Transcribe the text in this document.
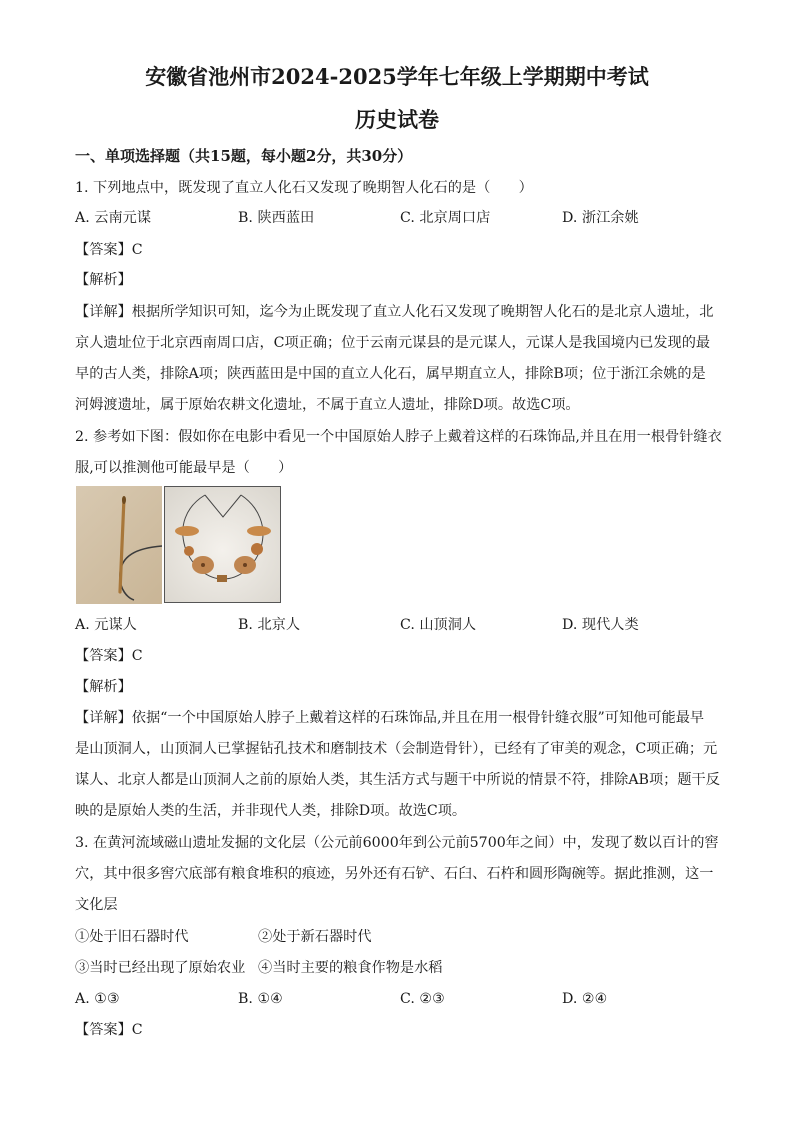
安徽省池州市2024-2025学年七年级上学期期中考试
历史试卷
一、单项选择题（共15题，每小题2分，共30分）
1. 下列地点中，既发现了直立人化石又发现了晚期智人化石的是（　　）
A. 云南元谋	B. 陕西蓝田	C. 北京周口店	D. 浙江余姚
【答案】C
【解析】
【详解】根据所学知识可知，迄今为止既发现了直立人化石又发现了晚期智人化石的是北京人遗址，北
京人遗址位于北京西南周口店，C项正确；位于云南元谋县的是元谋人，元谋人是我国境内已发现的最
早的古人类，排除A项；陕西蓝田是中国的直立人化石，属早期直立人，排除B项；位于浙江余姚的是
河姆渡遗址，属于原始农耕文化遗址，不属于直立人遗址，排除D项。故选C项。
2. 参考如下图：假如你在电影中看见一个中国原始人脖子上戴着这样的石珠饰品,并且在用一根骨针缝衣
服,可以推测他可能最早是（　　）
A. 元谋人	B. 北京人	C. 山顶洞人	D. 现代人类
【答案】C
【解析】
【详解】依据“一个中国原始人脖子上戴着这样的石珠饰品,并且在用一根骨针缝衣服”可知他可能最早
是山顶洞人，山顶洞人已掌握钻孔技术和磨制技术（会制造骨针），已经有了审美的观念，C项正确；元
谋人、北京人都是山顶洞人之前的原始人类，其生活方式与题干中所说的情景不符，排除AB项；题干反
映的是原始人类的生活，并非现代人类，排除D项。故选C项。
3. 在黄河流域磁山遗址发掘的文化层（公元前6000年到公元前5700年之间）中，发现了数以百计的窖
穴，其中很多窖穴底部有粮食堆积的痕迹，另外还有石铲、石臼、石杵和圆形陶碗等。据此推测，这一
文化层
①处于旧石器时代	②处于新石器时代
③当时已经出现了原始农业 ④当时主要的粮食作物是水稻
A. ①③	B. ①④	C. ②③	D. ②④
【答案】C
